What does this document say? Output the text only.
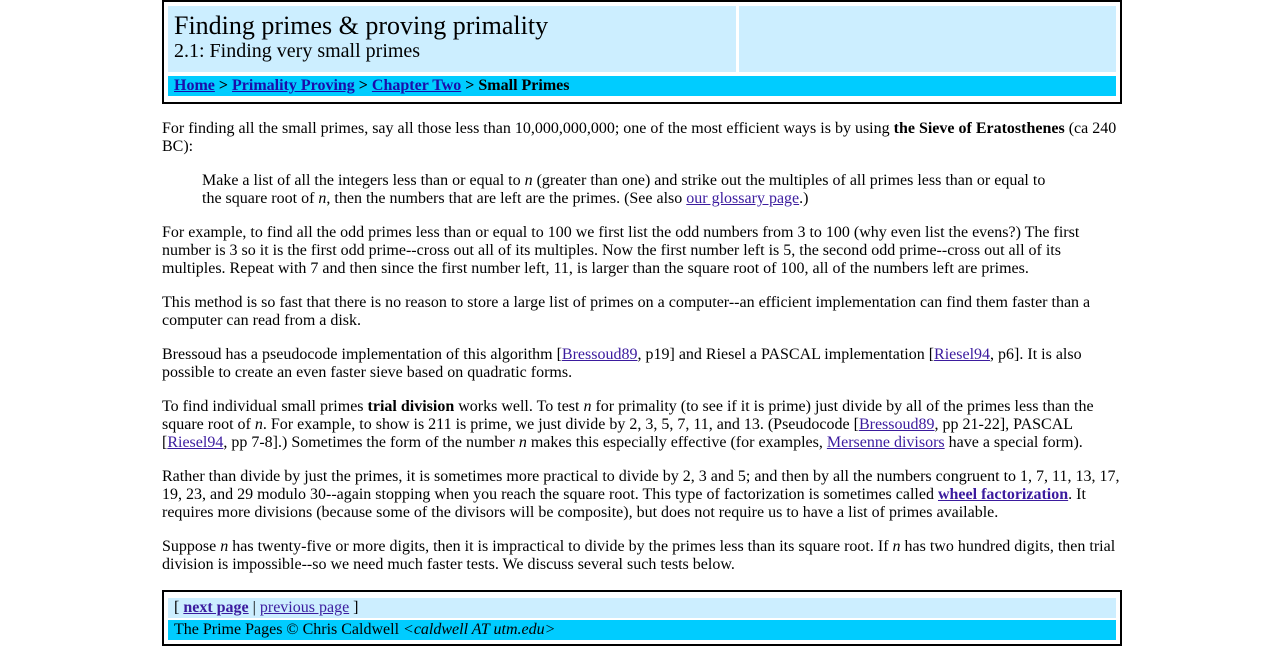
Finding primes & proving primality
2.1: Finding very small primes
Home > Primality Proving > Chapter Two > Small Primes

For finding all the small primes, say all those less than 10,000,000,000; one of the most efficient ways is by using the Sieve of Eratosthenes (ca 240 BC):

Make a list of all the integers less than or equal to n (greater than one) and strike out the multiples of all primes less than or equal to the square root of n, then the numbers that are left are the primes. (See also our glossary page.)

For example, to find all the odd primes less than or equal to 100 we first list the odd numbers from 3 to 100 (why even list the evens?) The first number is 3 so it is the first odd prime--cross out all of its multiples. Now the first number left is 5, the second odd prime--cross out all of its multiples. Repeat with 7 and then since the first number left, 11, is larger than the square root of 100, all of the numbers left are primes.

This method is so fast that there is no reason to store a large list of primes on a computer--an efficient implementation can find them faster than a computer can read from a disk.

Bressoud has a pseudocode implementation of this algorithm [Bressoud89, p19] and Riesel a PASCAL implementation [Riesel94, p6]. It is also possible to create an even faster sieve based on quadratic forms.

To find individual small primes trial division works well. To test n for primality (to see if it is prime) just divide by all of the primes less than the square root of n. For example, to show is 211 is prime, we just divide by 2, 3, 5, 7, 11, and 13. (Pseudocode [Bressoud89, pp 21-22], PASCAL [Riesel94, pp 7-8].) Sometimes the form of the number n makes this especially effective (for examples, Mersenne divisors have a special form).

Rather than divide by just the primes, it is sometimes more practical to divide by 2, 3 and 5; and then by all the numbers congruent to 1, 7, 11, 13, 17, 19, 23, and 29 modulo 30--again stopping when you reach the square root. This type of factorization is sometimes called wheel factorization. It requires more divisions (because some of the divisors will be composite), but does not require us to have a list of primes available.

Suppose n has twenty-five or more digits, then it is impractical to divide by the primes less than its square root. If n has two hundred digits, then trial division is impossible--so we need much faster tests. We discuss several such tests below.

[ next page | previous page ]
The Prime Pages © Chris Caldwell <caldwell AT utm.edu>
